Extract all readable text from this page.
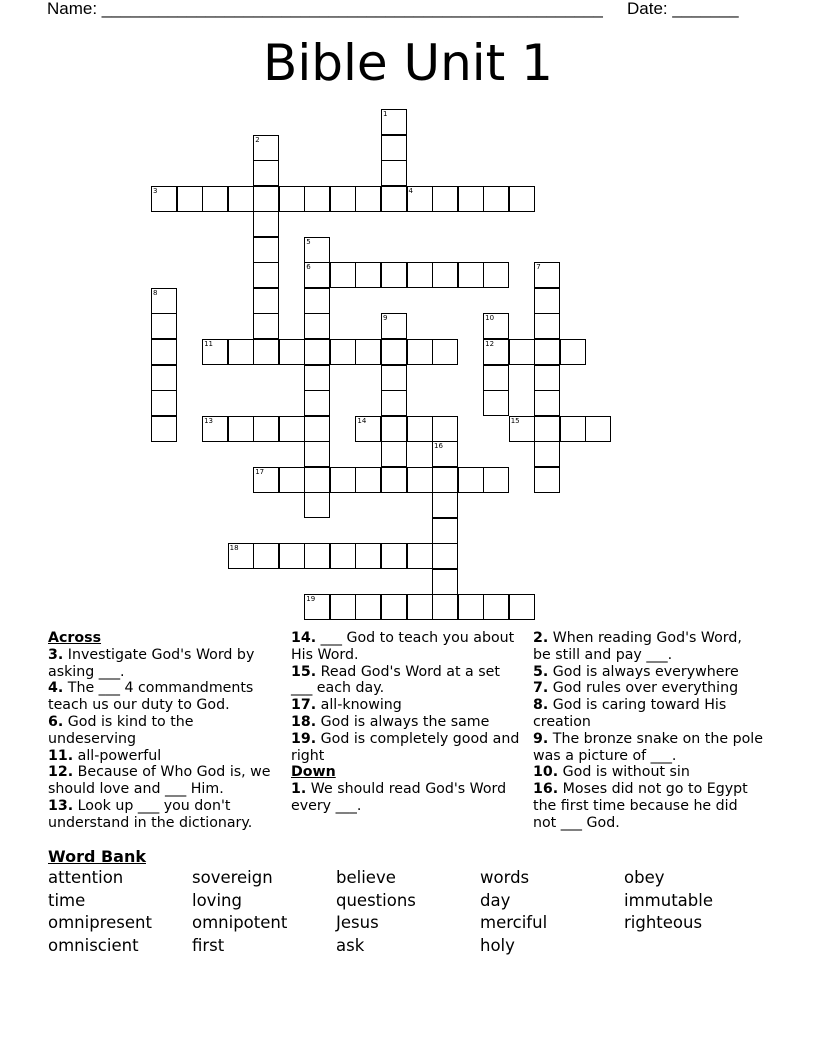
Name: _____________________________________________________ Date: _______
Bible Unit 1
3	4
6
11	12
13	14	15
17
18
19
1
2
5
7
8
9	10
16

Across

3. Investigate God's Word by asking ___.
4. The ___ 4 commandments teach us our duty to God.
6. God is kind to the undeserving
11. all-powerful
12. Because of Who God is, we should love and ___ Him.
13. Look up ___ you don't understand in the dictionary.
14. ___ God to teach you about His Word.
15. Read God's Word at a set ___ each day.
17. all-knowing
18. God is always the same
19. God is completely good and right

Down

1. We should read God's Word every ___.
2. When reading God's Word, be still and pay ___.
5. God is always everywhere
7. God rules over everything
8. God is caring toward His creation
9. The bronze snake on the pole was a picture of ___.
10. God is without sin
16. Moses did not go to Egypt the first time because he did not ___ God.
Word Bank
attention	sovereign	believe	words	obey
time	loving	questions	day	immutable
omnipresent omnipotent	Jesus	merciful	righteous
omniscient	first	ask	holy
